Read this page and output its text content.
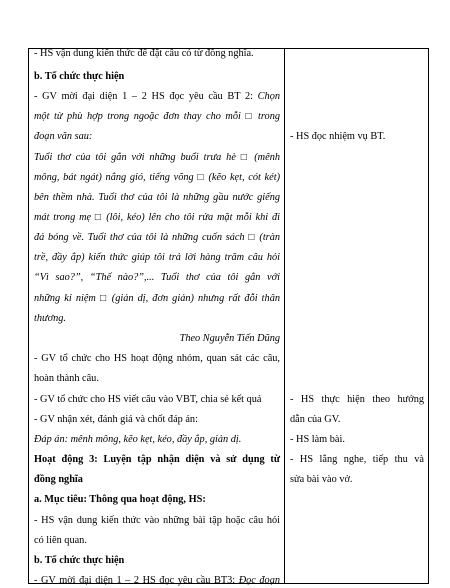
- HS vận dung kiến thức để đặt câu có từ đồng nghĩa.
b. Tổ chức thực hiện
- GV mời đại diện 1 – 2 HS đọc yêu cầu BT 2: Chọn
một từ phù hợp trong ngoặc đơn thay cho mỗi □ trong
đoạn văn sau:
Tuổi thơ của tôi gắn với những buổi trưa hè □ (mênh
mông, bát ngát) nắng gió, tiếng võng □ (kẽo kẹt, cót két)
bên thềm nhà. Tuổi thơ của tôi là những gầu nước giếng
mát trong mẹ □ (lôi, kéo) lên cho tôi rửa mặt mỗi khi đi
đá bóng về. Tuổi thơ của tôi là những cuốn sách □ (tràn
trề, đầy ắp) kiến thức giúp tôi trả lời hàng trăm câu hỏi
“Vì sao?”, “Thế nào?”,... Tuổi thơ của tôi gắn với
những kỉ niệm □ (giản dị, đơn giản) nhưng rất đỗi thân
thương.
Theo Nguyễn Tiến Dũng
- GV tổ chức cho HS hoạt động nhóm, quan sát các câu,
hoàn thành câu.
- GV tổ chức cho HS viết câu vào VBT, chia sẻ kết quả
- GV nhận xét, đánh giá và chốt đáp án:
Đáp án: mênh mông, kẽo kẹt, kéo, đầy ắp, giản dị.
Hoạt động 3: Luyện tập nhận diện và sử dụng từ
đồng nghĩa
a. Mục tiêu: Thông qua hoạt động, HS:
- HS vận dung kiến thức vào những bài tập hoặc câu hỏi
có liên quan.
b. Tổ chức thực hiện
- GV mời đại diện 1 – 2 HS đọc yêu cầu BT3: Đọc đoạn

- HS đọc nhiệm vụ BT.
- HS thực hiện theo hướng
dẫn của GV.
- HS làm bài.
- HS lắng nghe, tiếp thu và
sửa bài vào vở.
